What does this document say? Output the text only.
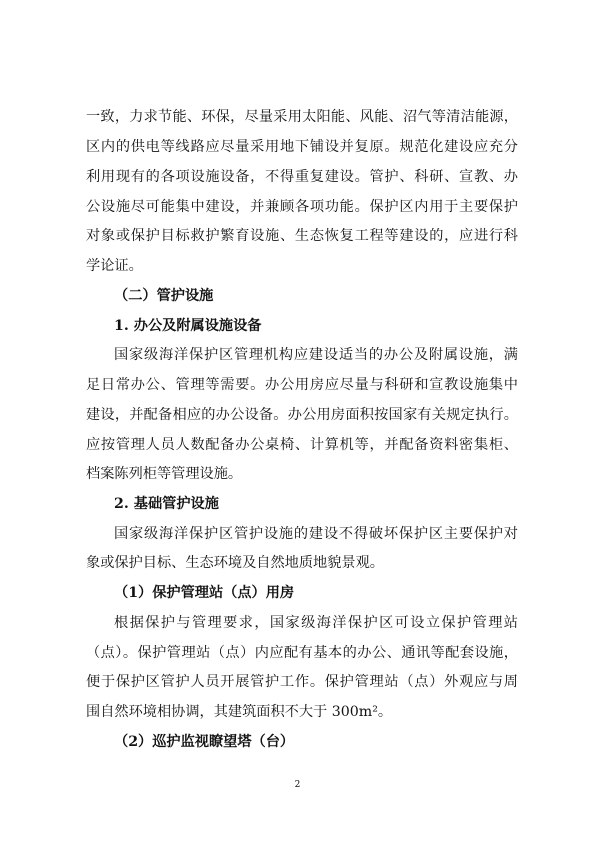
一致，力求节能、环保，尽量采用太阳能、风能、沼气等清洁能源，
区内的供电等线路应尽量采用地下铺设并复原。规范化建设应充分
利用现有的各项设施设备，不得重复建设。管护、科研、宣教、办
公设施尽可能集中建设，并兼顾各项功能。保护区内用于主要保护
对象或保护目标救护繁育设施、生态恢复工程等建设的，应进行科
学论证。
（二）管护设施
1. 办公及附属设施设备
国家级海洋保护区管理机构应建设适当的办公及附属设施，满
足日常办公、管理等需要。办公用房应尽量与科研和宣教设施集中
建设，并配备相应的办公设备。办公用房面积按国家有关规定执行。
应按管理人员人数配备办公桌椅、计算机等，并配备资料密集柜、
档案陈列柜等管理设施。
2. 基础管护设施
国家级海洋保护区管护设施的建设不得破坏保护区主要保护对
象或保护目标、生态环境及自然地质地貌景观。
（1）保护管理站（点）用房
根据保护与管理要求，国家级海洋保护区可设立保护管理站
（点）。保护管理站（点）内应配有基本的办公、通讯等配套设施，
便于保护区管护人员开展管护工作。保护管理站（点）外观应与周
围自然环境相协调，其建筑面积不大于 300m²。
（2）巡护监视瞭望塔（台）
2
